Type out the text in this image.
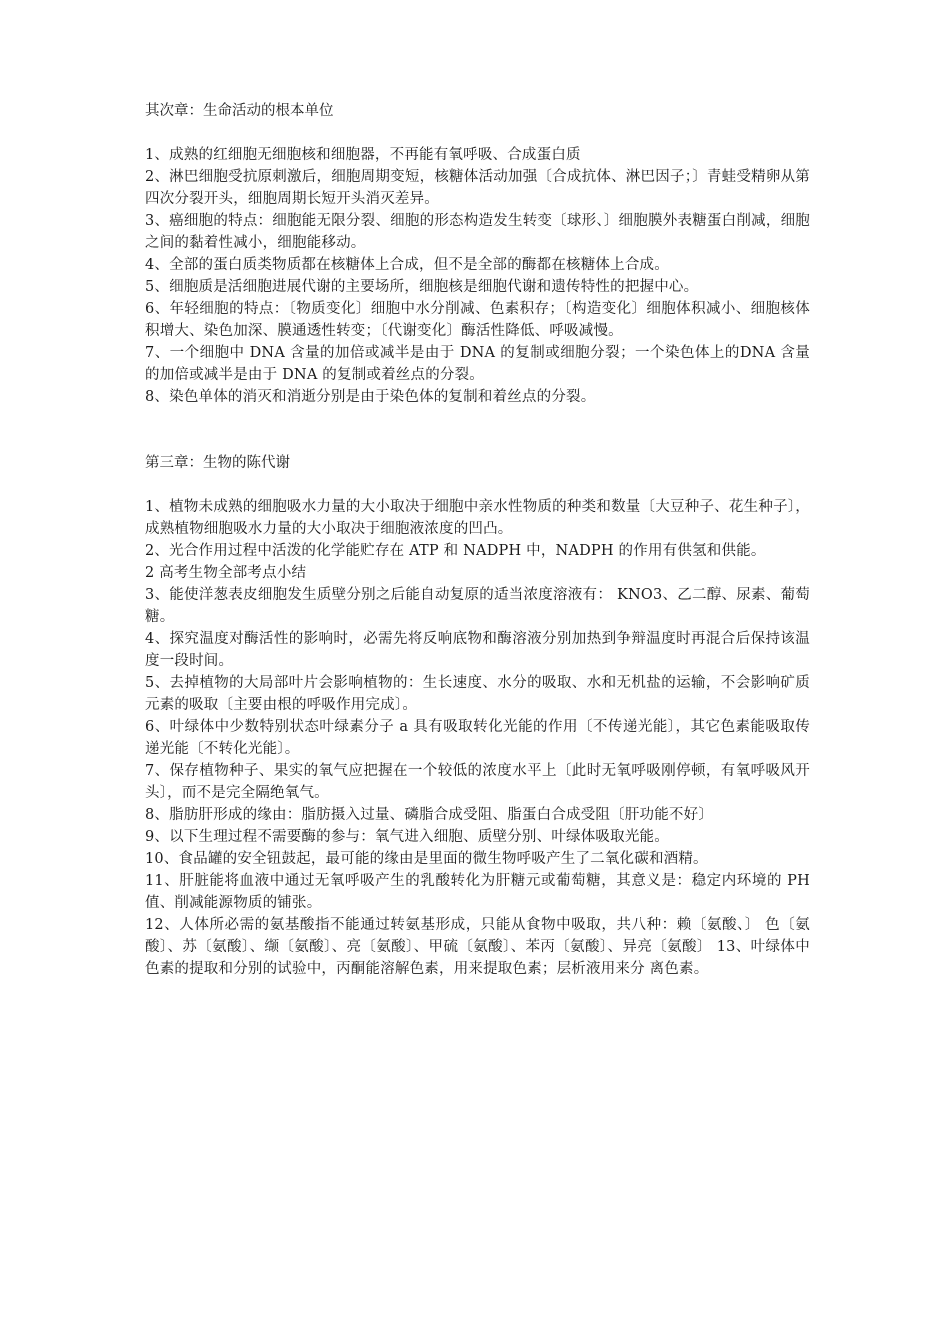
其次章：生命活动的根本单位

1、成熟的红细胞无细胞核和细胞器，不再能有氧呼吸、合成蛋白质

2、淋巴细胞受抗原刺激后，细胞周期变短，核糖体活动加强〔合成抗体、淋巴因子；〕青蛙受精卵从第四次分裂开头，细胞周期长短开头消灭差异。

3、癌细胞的特点：细胞能无限分裂、细胞的形态构造发生转变〔球形、〕细胞膜外表糖蛋白削减，细胞之间的黏着性减小，细胞能移动。

4、全部的蛋白质类物质都在核糖体上合成，但不是全部的酶都在核糖体上合成。

5、细胞质是活细胞进展代谢的主要场所，细胞核是细胞代谢和遗传特性的把握中心。

6、年轻细胞的特点：〔物质变化〕细胞中水分削减、色素积存；〔构造变化〕细胞体积减小、细胞核体积增大、染色加深、膜通透性转变；〔代谢变化〕酶活性降低、呼吸减慢。

7、一个细胞中 DNA 含量的加倍或减半是由于 DNA 的复制或细胞分裂；一个染色体上的DNA 含量的加倍或减半是由于 DNA 的复制或着丝点的分裂。

8、染色单体的消灭和消逝分别是由于染色体的复制和着丝点的分裂。

第三章：生物的陈代谢

1、植物未成熟的细胞吸水力量的大小取决于细胞中亲水性物质的种类和数量〔大豆种子、花生种子〕，成熟植物细胞吸水力量的大小取决于细胞液浓度的凹凸。

2、光合作用过程中活泼的化学能贮存在 ATP 和 NADPH 中，NADPH 的作用有供氢和供能。

2 高考生物全部考点小结

3、能使洋葱表皮细胞发生质壁分别之后能自动复原的适当浓度溶液有： KNO3、乙二醇、尿素、葡萄糖。

4、探究温度对酶活性的影响时，必需先将反响底物和酶溶液分别加热到争辩温度时再混合后保持该温度一段时间。

5、去掉植物的大局部叶片会影响植物的：生长速度、水分的吸取、水和无机盐的运输，不会影响矿质元素的吸取〔主要由根的呼吸作用完成〕。

6、叶绿体中少数特别状态叶绿素分子 a 具有吸取转化光能的作用〔不传递光能〕，其它色素能吸取传递光能〔不转化光能〕。

7、保存植物种子、果实的氧气应把握在一个较低的浓度水平上〔此时无氧呼吸刚停顿，有氧呼吸风开头〕，而不是完全隔绝氧气。

8、脂肪肝形成的缘由：脂肪摄入过量、磷脂合成受阻、脂蛋白合成受阻〔肝功能不好〕

9、以下生理过程不需要酶的参与：氧气进入细胞、质壁分别、叶绿体吸取光能。

10、食品罐的安全钮鼓起，最可能的缘由是里面的微生物呼吸产生了二氧化碳和酒精。

11、肝脏能将血液中通过无氧呼吸产生的乳酸转化为肝糖元或葡萄糖，其意义是：稳定内环境的 PH 值、削减能源物质的铺张。

12、人体所必需的氨基酸指不能通过转氨基形成，只能从食物中吸取，共八种：赖〔氨酸、〕 色〔氨酸〕、苏〔氨酸〕、缬〔氨酸〕、亮〔氨酸〕、甲硫〔氨酸〕、苯丙〔氨酸〕、异亮〔氨酸〕 13、叶绿体中色素的提取和分别的试验中，丙酮能溶解色素，用来提取色素；层析液用来分 离色素。
